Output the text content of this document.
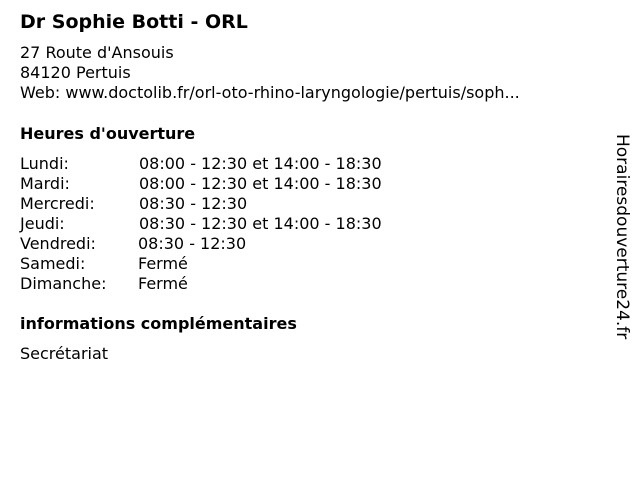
Dr Sophie Botti - ORL
27 Route d'Ansouis
84120 Pertuis
Web: www.doctolib.fr/orl-oto-rhino-laryngologie/pertuis/soph...
Heures d'ouverture
Lundi:	08:00 - 12:30 et 14:00 - 18:30
Mardi:	08:00 - 12:30 et 14:00 - 18:30
Mercredi:	08:30 - 12:30
Jeudi:	08:30 - 12:30 et 14:00 - 18:30
Vendredi:	08:30 - 12:30
Samedi:	Fermé
Dimanche: Fermé
informations complémentaires
Secrétariat
Horairesdouverture24.fr
